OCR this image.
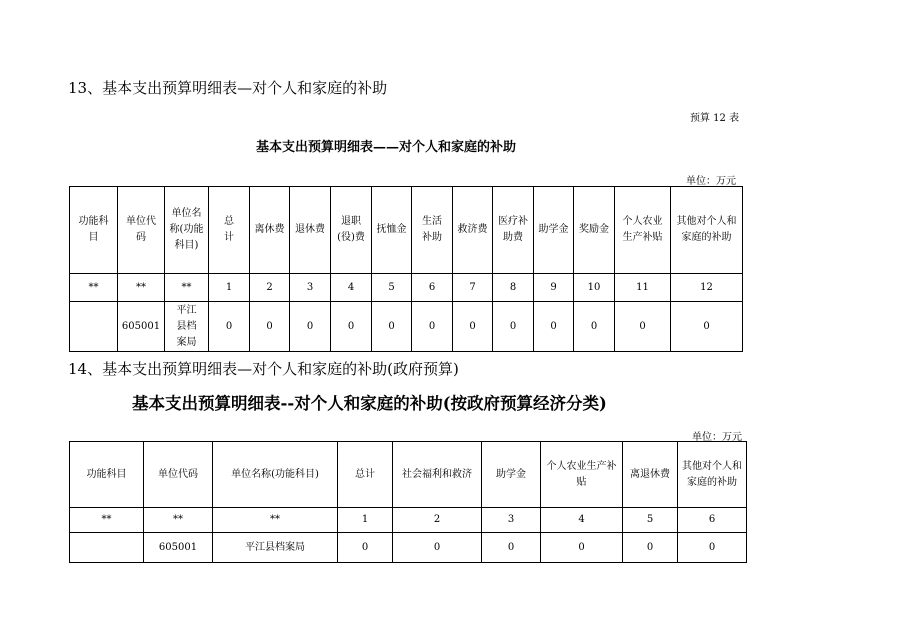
13、基本支出预算明细表—对个人和家庭的补助
预算 12 表
基本支出预算明细表——对个人和家庭的补助
单位：万元
功能科目	单位代码	单位名称(功能科目)	总计	离休费	退休费	退职(役)费	抚恤金	生活补助	救济费	医疗补助费	助学金	奖励金	个人农业生产补贴	其他对个人和家庭的补助
**	**	**	1	2	3	4	5	6	7	8	9	10	11	12
	605001	平江县档案局	0	0	0	0	0	0	0	0	0	0	0	0
14、基本支出预算明细表—对个人和家庭的补助(政府预算)
基本支出预算明细表--对个人和家庭的补助(按政府预算经济分类)
单位：万元
功能科目	单位代码	单位名称(功能科目)	总计	社会福利和救济	助学金	个人农业生产补贴	离退休费	其他对个人和家庭的补助
**	**	**	1	2	3	4	5	6
	605001	平江县档案局	0	0	0	0	0	0
